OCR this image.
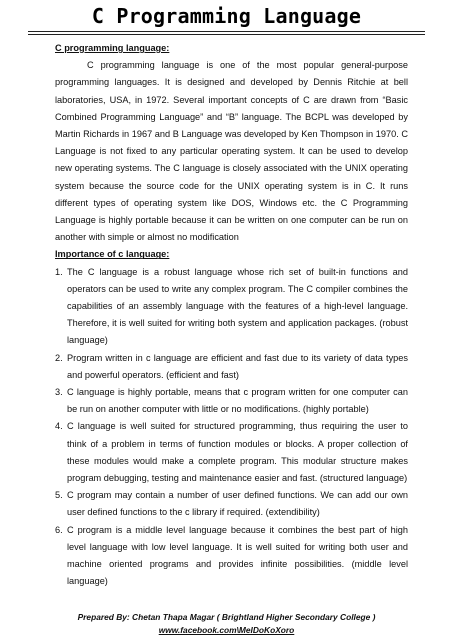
C Programming Language
C programming language:

C programming language is one of the most popular general-purpose programming languages. It is designed and developed by Dennis Ritchie at bell laboratories, USA, in 1972. Several important concepts of C are drawn from “Basic Combined Programming Language” and “B” language. The BCPL was developed by Martin Richards in 1967 and B Language was developed by Ken Thompson in 1970. C Language is not fixed to any particular operating system. It can be used to develop new operating systems. The C language is closely associated with the UNIX operating system because the source code for the UNIX operating system is in C. It runs different types of operating system like DOS, Windows etc. the C Programming Language is highly portable because it can be written on one computer can be run on another with simple or almost no modification

Importance of c language:
1. The C language is a robust language whose rich set of built-in functions and operators can be used to write any complex program. The C compiler combines the capabilities of an assembly language with the features of a high-level language. Therefore, it is well suited for writing both system and application packages. (robust language)
2. Program written in c language are efficient and fast due to its variety of data types and powerful operators. (efficient and fast)
3. C language is highly portable, means that c program written for one computer can be run on another computer with little or no modifications. (highly portable)
4. C language is well suited for structured programming, thus requiring the user to think of a problem in terms of function modules or blocks. A proper collection of these modules would make a complete program. This modular structure makes program debugging, testing and maintenance easier and fast. (structured language)
5. C program may contain a number of user defined functions. We can add our own user defined functions to the c library if required. (extendibility)
6. C program is a middle level language because it combines the best part of high level language with low level language. It is well suited for writing both user and machine oriented programs and provides infinite possibilities. (middle level language)
Prepared By: Chetan Thapa Magar ( Brightland Higher Secondary College )
www.facebook.com\MeIDoKoXoro
